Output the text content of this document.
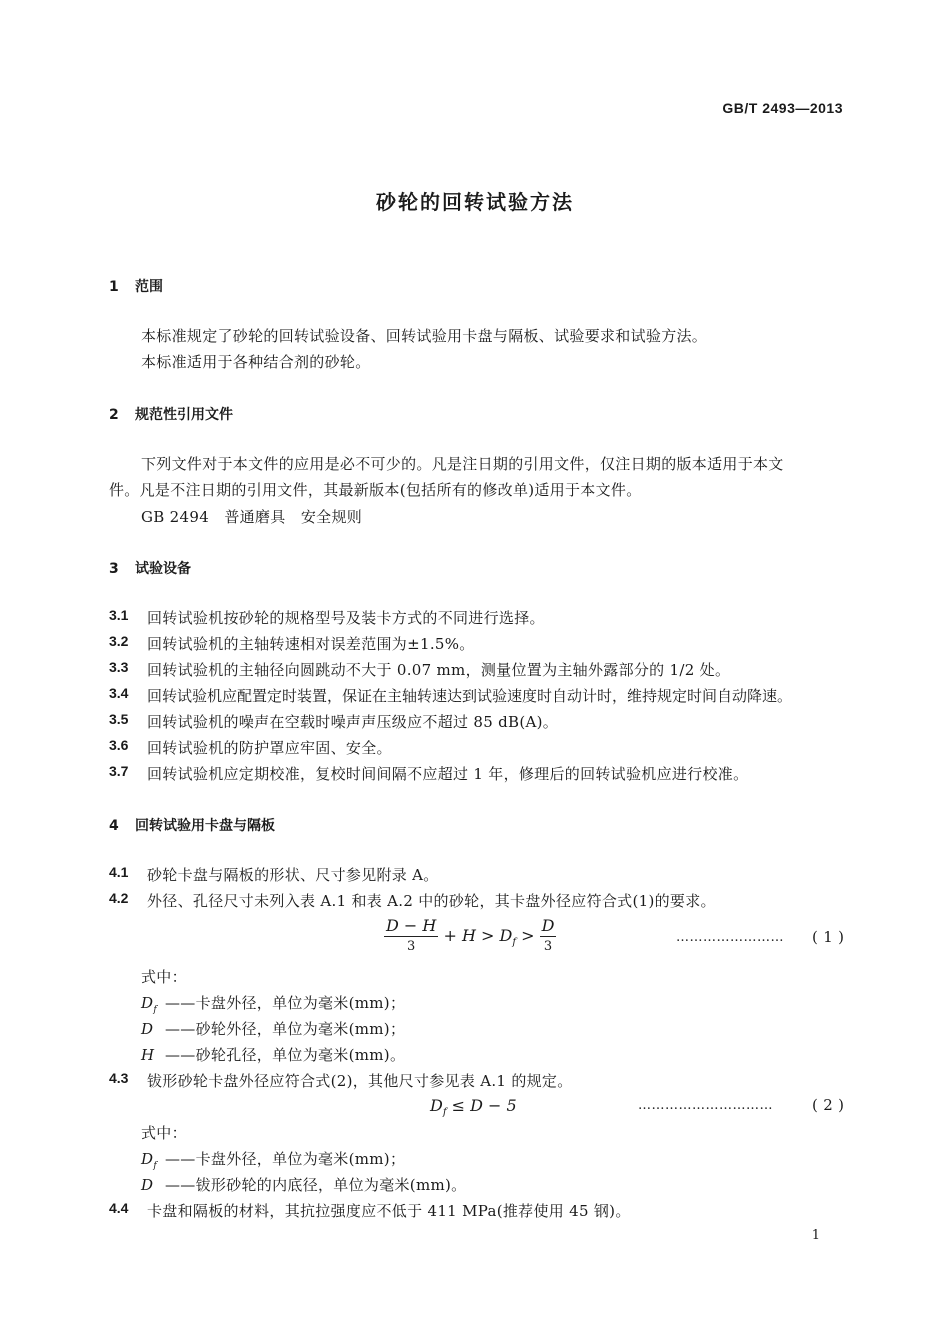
GB/T 2493—2013
砂轮的回转试验方法
1 范围
本标准规定了砂轮的回转试验设备、回转试验用卡盘与隔板、试验要求和试验方法。
本标准适用于各种结合剂的砂轮。
2 规范性引用文件
下列文件对于本文件的应用是必不可少的。凡是注日期的引用文件，仅注日期的版本适用于本文
件。凡是不注日期的引用文件，其最新版本(包括所有的修改单)适用于本文件。
GB 2494　普通磨具　安全规则
3 试验设备
3.1 回转试验机按砂轮的规格型号及装卡方式的不同进行选择。
3.2 回转试验机的主轴转速相对误差范围为±1.5%。
3.3 回转试验机的主轴径向圆跳动不大于 0.07 mm，测量位置为主轴外露部分的 1/2 处。
3.4 回转试验机应配置定时装置，保证在主轴转速达到试验速度时自动计时，维持规定时间自动降速。
3.5 回转试验机的噪声在空载时噪声声压级应不超过 85 dB(A)。
3.6 回转试验机的防护罩应牢固、安全。
3.7 回转试验机应定期校准，复校时间间隔不应超过 1 年，修理后的回转试验机应进行校准。
4 回转试验用卡盘与隔板
4.1 砂轮卡盘与隔板的形状、尺寸参见附录 A。
4.2 外径、孔径尺寸未列入表 A.1 和表 A.2 中的砂轮，其卡盘外径应符合式(1)的要求。
$\frac{D - H}{3} + H > D_f > \frac{D}{3}$	…………………… ( 1 )
式中：
$D_f$ ——卡盘外径，单位为毫米(mm)；
D ——砂轮外径，单位为毫米(mm)；
H ——砂轮孔径，单位为毫米(mm)。
4.3 钹形砂轮卡盘外径应符合式(2)，其他尺寸参见表 A.1 的规定。
$D_f \le D - 5$	…………………………	( 2 )
式中：
$D_f$ ——卡盘外径，单位为毫米(mm)；
D ——钹形砂轮的内底径，单位为毫米(mm)。
4.4 卡盘和隔板的材料，其抗拉强度应不低于 411 MPa(推荐使用 45 钢)。
1
